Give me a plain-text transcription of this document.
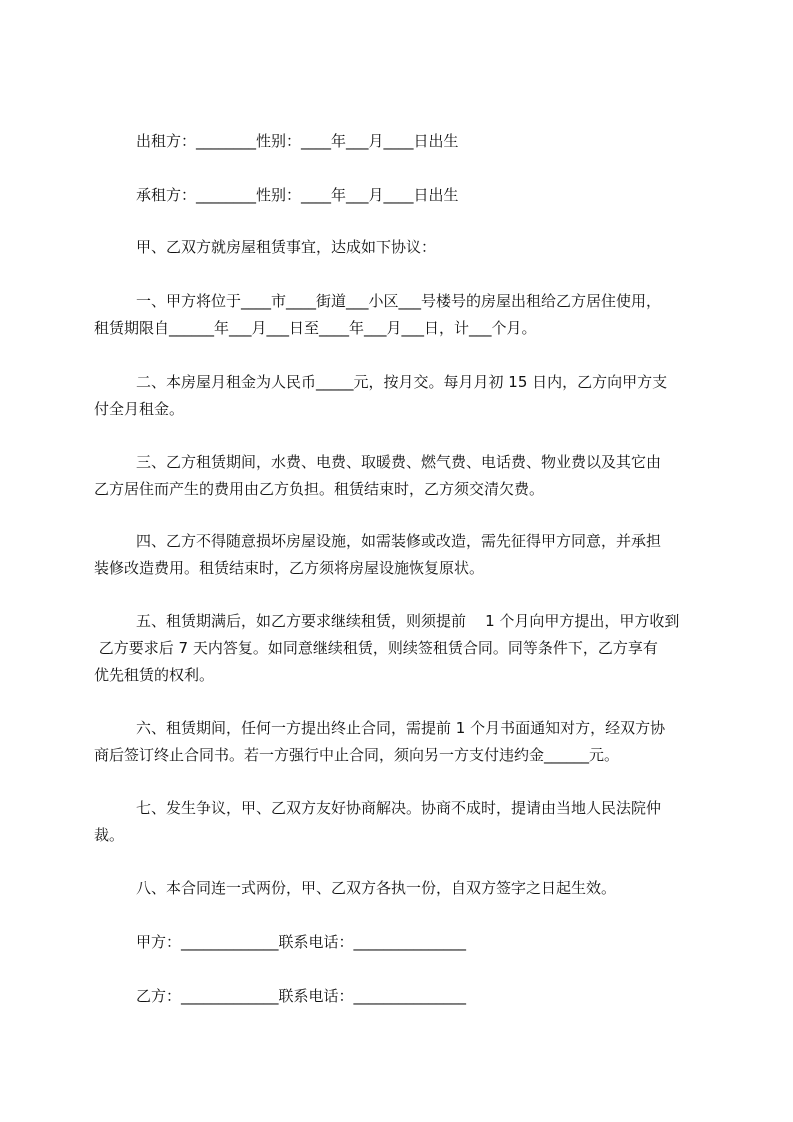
出租方：________性别：____年___月____日出生
承租方：________性别：____年___月____日出生
甲、乙双方就房屋租赁事宜，达成如下协议：
一、甲方将位于____市____街道___小区___号楼号的房屋出租给乙方居住使用，
租赁期限自______年___月___日至____年___月___日，计___个月。
二、本房屋月租金为人民币_____元，按月交。每月月初 15 日内，乙方向甲方支
付全月租金。
三、乙方租赁期间，水费、电费、取暖费、燃气费、电话费、物业费以及其它由
乙方居住而产生的费用由乙方负担。租赁结束时，乙方须交清欠费。
四、乙方不得随意损坏房屋设施，如需装修或改造，需先征得甲方同意，并承担
装修改造费用。租赁结束时，乙方须将房屋设施恢复原状。
五、租赁期满后，如乙方要求继续租赁，则须提前    1 个月向甲方提出，甲方收到
乙方要求后 7 天内答复。如同意继续租赁，则续签租赁合同。同等条件下，乙方享有
优先租赁的权利。
六、租赁期间，任何一方提出终止合同，需提前 1 个月书面通知对方，经双方协
商后签订终止合同书。若一方强行中止合同，须向另一方支付违约金______元。
七、发生争议，甲、乙双方友好协商解决。协商不成时，提请由当地人民法院仲
裁。
八、本合同连一式两份，甲、乙双方各执一份，自双方签字之日起生效。
甲方：_____________联系电话：_______________
乙方：_____________联系电话：_______________
